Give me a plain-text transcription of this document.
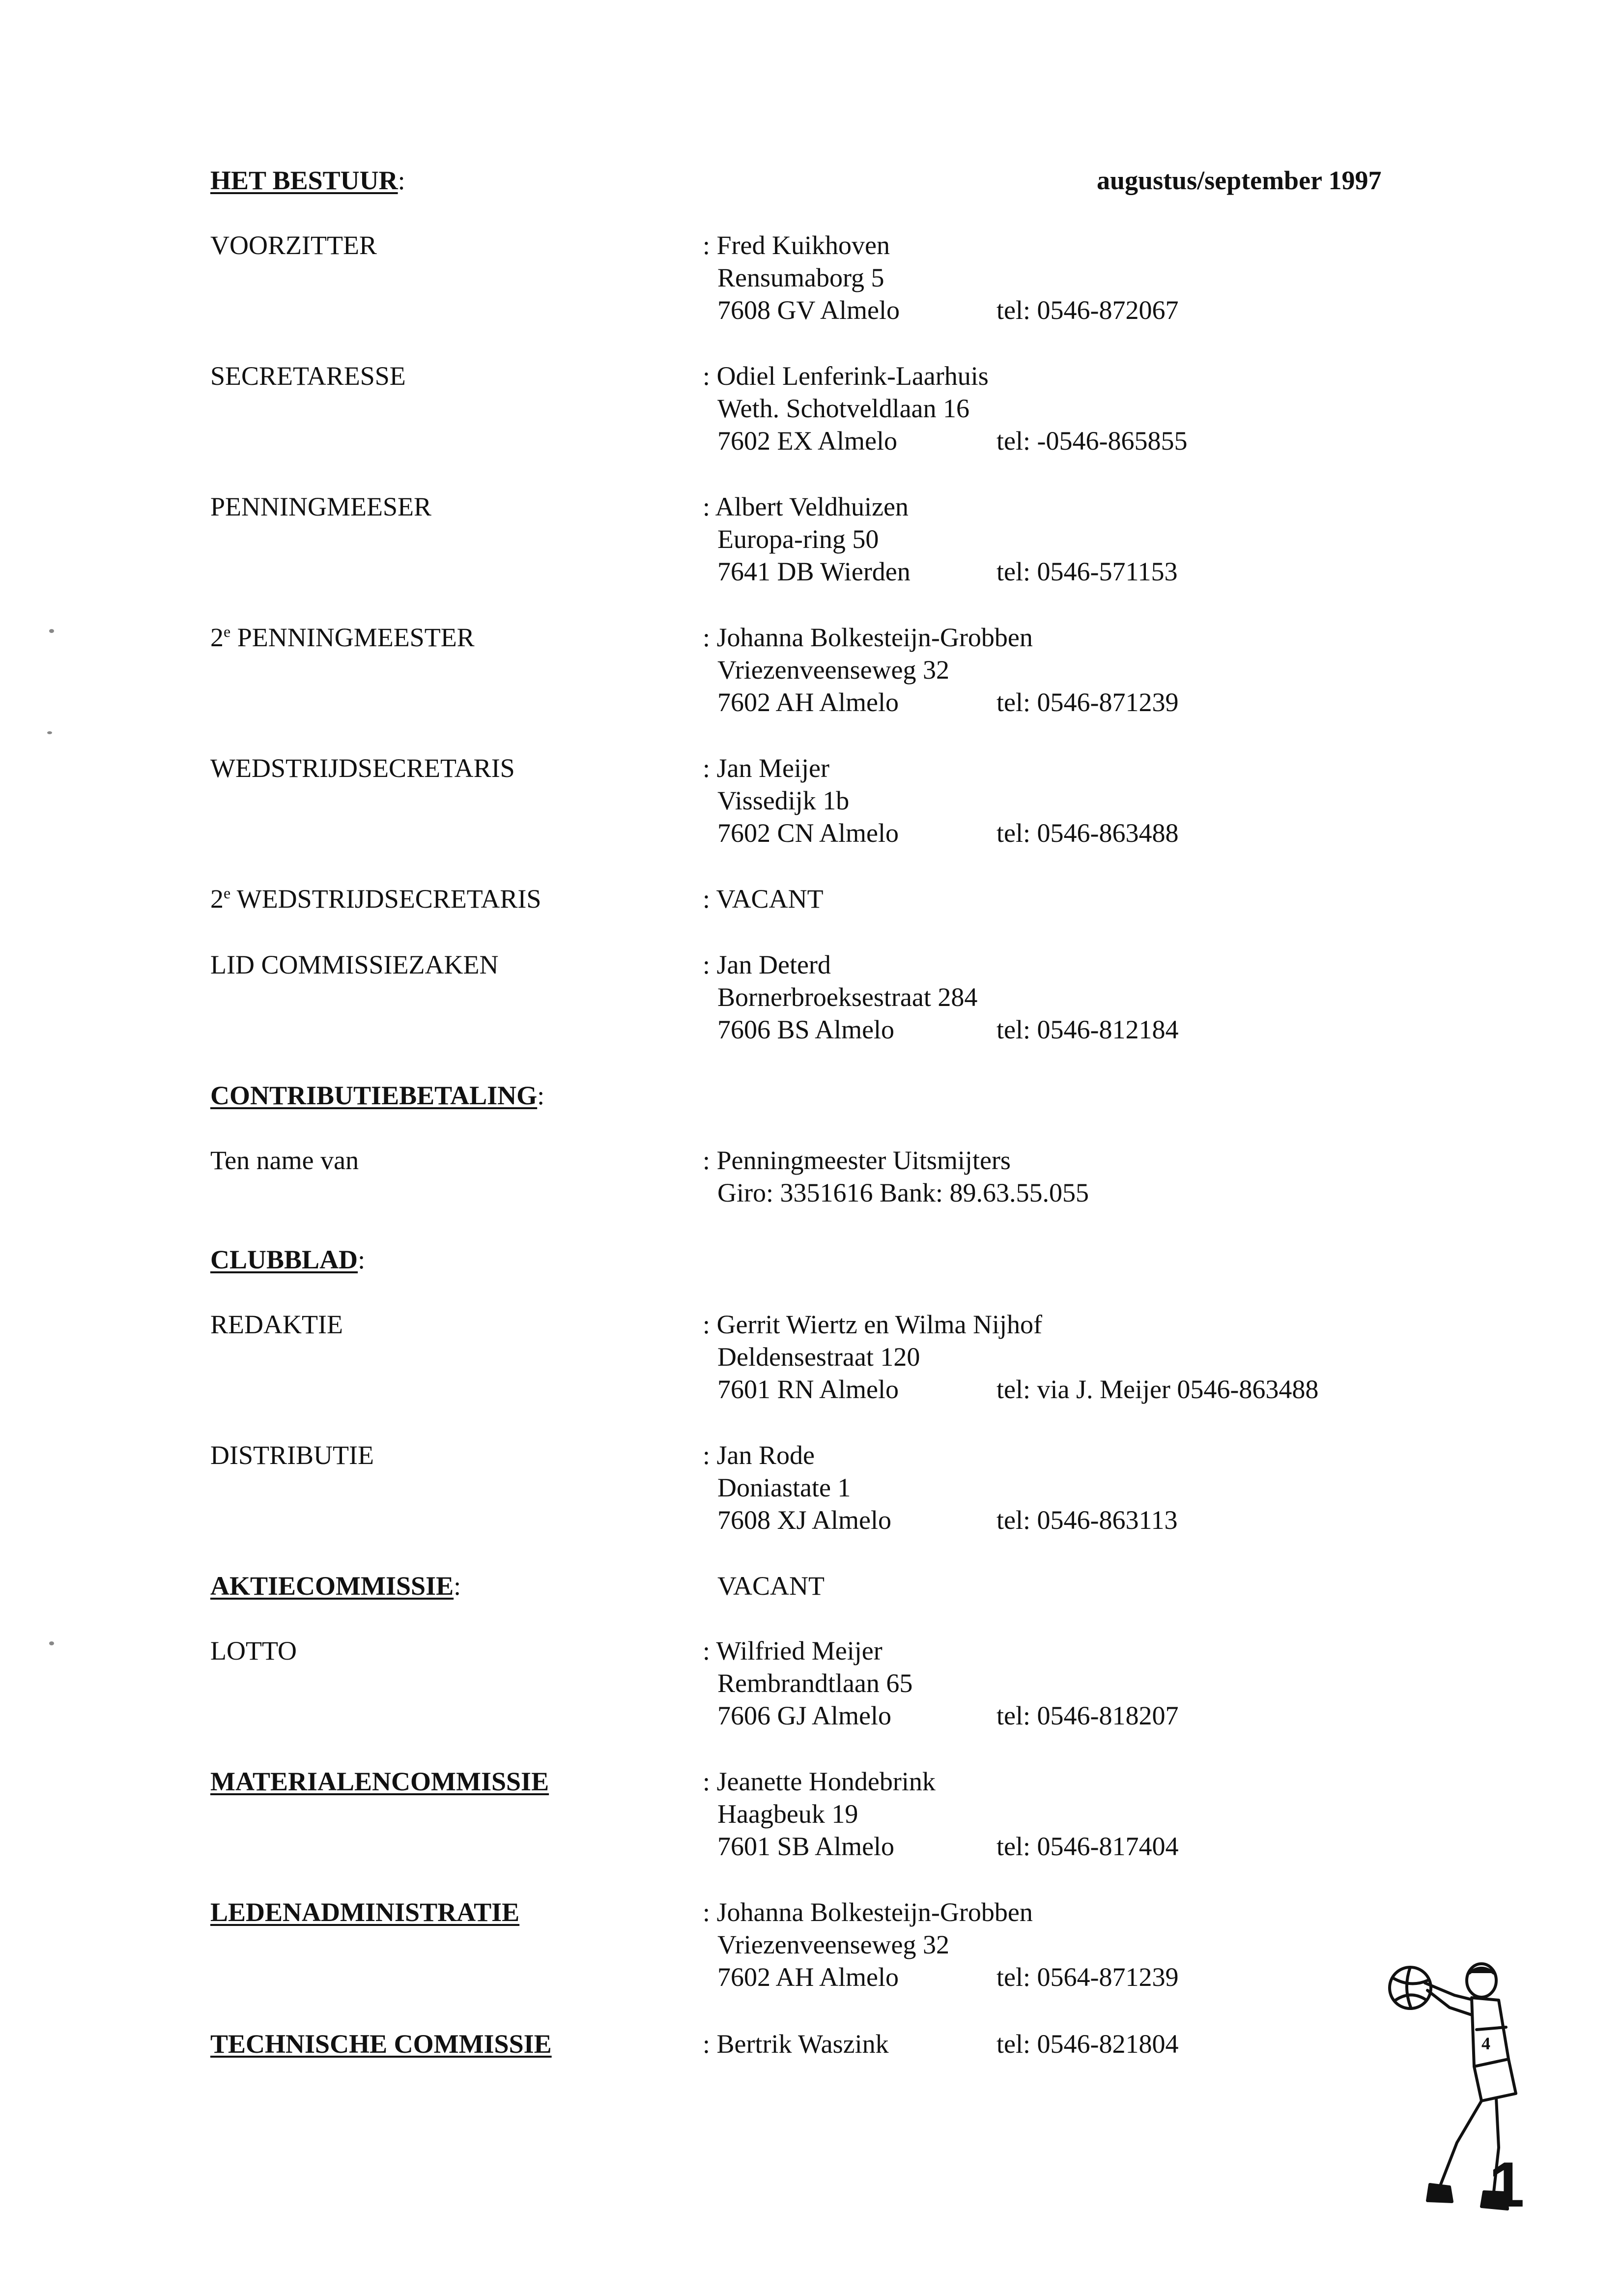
HET BESTUUR:	augustus/september 1997
VOORZITTER	: Fred Kuikhoven
Rensumaborg 5
7608 GV Almelo	tel: 0546-872067
SECRETARESSE	: Odiel Lenferink-Laarhuis
Weth. Schotveldlaan 16
7602 EX Almelo	tel: -0546-865855
PENNINGMEESER	: Albert Veldhuizen
Europa-ring 50
7641 DB Wierden	tel: 0546-571153
2e PENNINGMEESTER	: Johanna Bolkesteijn-Grobben
Vriezenveenseweg 32
7602 AH Almelo	tel: 0546-871239
WEDSTRIJDSECRETARIS	: Jan Meijer
Vissedijk 1b
7602 CN Almelo	tel: 0546-863488
2e WEDSTRIJDSECRETARIS	: VACANT
LID COMMISSIEZAKEN	: Jan Deterd
Bornerbroeksestraat 284
7606 BS Almelo	tel: 0546-812184
CONTRIBUTIEBETALING:
Ten name van	: Penningmeester Uitsmijters
Giro: 3351616 Bank: 89.63.55.055
CLUBBLAD:
REDAKTIE	: Gerrit Wiertz en Wilma Nijhof
Deldensestraat 120
7601 RN Almelo	tel: via J. Meijer 0546-863488
DISTRIBUTIE	: Jan Rode
Doniastate 1
7608 XJ Almelo	tel: 0546-863113
AKTIECOMMISSIE:	VACANT
LOTTO	: Wilfried Meijer
Rembrandtlaan 65
7606 GJ Almelo	tel: 0546-818207
MATERIALENCOMMISSIE	: Jeanette Hondebrink
Haagbeuk 19
7601 SB Almelo	tel: 0546-817404
LEDENADMINISTRATIE	: Johanna Bolkesteijn-Grobben
Vriezenveenseweg 32
7602 AH Almelo	tel: 0564-871239
TECHNISCHE COMMISSIE	: Bertrik Waszink	tel: 0546-821804	4
1
